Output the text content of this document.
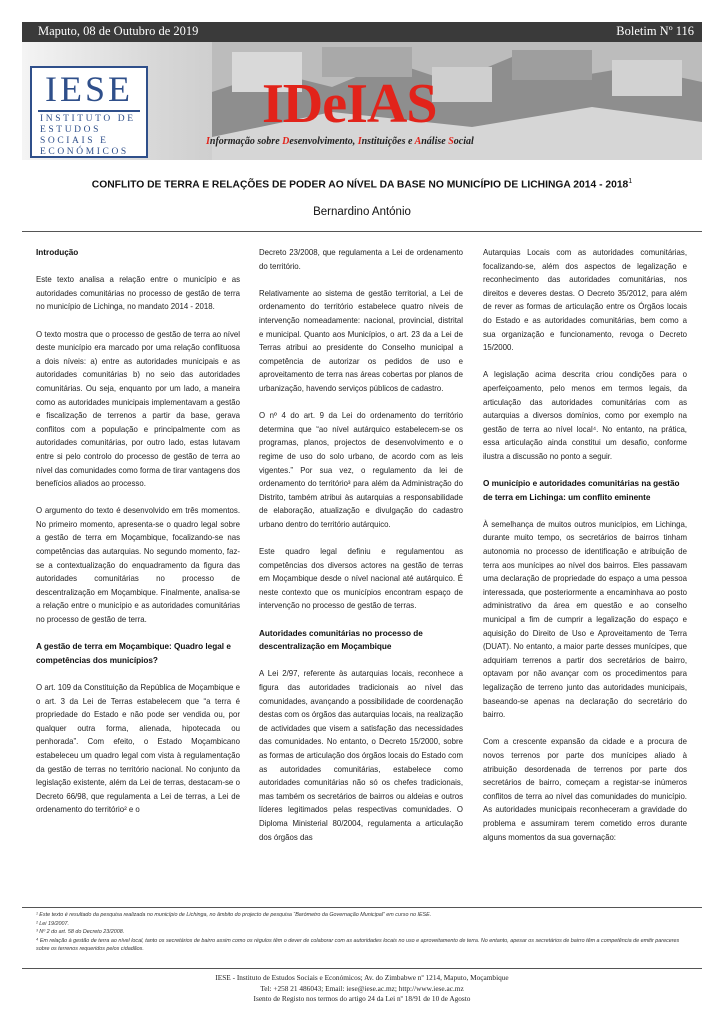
Maputo, 08 de Outubro de 2019	Boletim Nº 116
IESE
INSTITUTO DE ESTUDOS SOCIAIS E ECONÓMICOS
IDeIAS
Informação sobre Desenvolvimento, Instituições e Análise Social
CONFLITO DE TERRA E RELAÇÕES DE PODER AO NÍVEL DA BASE NO MUNICÍPIO DE LICHINGA 2014 - 2018$^1$
Bernardino António
Introdução

Este texto analisa a relação entre o município e as autoridades comunitárias no processo de gestão de terra no município de Lichinga, no mandato 2014 - 2018.

O texto mostra que o processo de gestão de terra ao nível deste município era marcado por uma relação conflituosa a dois níveis: a) entre as autoridades municipais e as autoridades comunitárias b) no seio das autoridades comunitárias. Ou seja, enquanto por um lado, a maneira como as autoridades municipais implementavam a gestão e fiscalização de terrenos a partir da base, gerava conflitos com a população e principalmente com as autoridades comunitárias, por outro lado, estas lutavam entre si pelo controlo do processo de gestão de terra ao nível das comunidades como forma de tirar vantagens dos benefícios aliados ao processo.

O argumento do texto é desenvolvido em três momentos. No primeiro momento, apresenta-se o quadro legal sobre a gestão de terra em Moçambique, focalizando-se nas competências das autarquias. No segundo momento, faz-se a contextualização do enquadramento da figura das autoridades comunitárias no processo de descentralização em Moçambique. Finalmente, analisa-se a relação entre o município e as autoridades comunitárias no processo de gestão de terra.

A gestão de terra em Moçambique: Quadro legal e competências dos municípios?

O art. 109 da Constituição da República de Moçambique e o art. 3 da Lei de Terras estabelecem que “a terra é propriedade do Estado e não pode ser vendida ou, por qualquer outra forma, alienada, hipotecada ou penhorada”. Com efeito, o Estado Moçambicano estabeleceu um quadro legal com vista à regulamentação da gestão de terras no território nacional. No conjunto da legislação existente, além da Lei de terras, destacam-se o Decreto 66/98, que regulamenta a Lei de terras, a Lei de ordenamento do território² e o

Decreto 23/2008, que regulamenta a Lei de ordenamento do território.

Relativamente ao sistema de gestão territorial, a Lei de ordenamento do território estabelece quatro níveis de intervenção nomeadamente: nacional, provincial, distrital e municipal. Quanto aos Municípios, o art. 23 da a Lei de Terras atribui ao presidente do Conselho municipal a competência de autorizar os pedidos de uso e aproveitamento de terra nas áreas cobertas por planos de urbanização, havendo serviços públicos de cadastro.

O nº 4 do art. 9 da Lei do ordenamento do território determina que “ao nível autárquico estabelecem-se os programas, planos, projectos de desenvolvimento e o regime de uso do solo urbano, de acordo com as leis vigentes.” Por sua vez, o regulamento da lei de ordenamento do território³ para além da Administração do Distrito, também atribui às autarquias a responsabilidade de elaboração, atualização e divulgação do cadastro urbano dentro do território autárquico.

Este quadro legal definiu e regulamentou as competências dos diversos actores na gestão de terras em Moçambique desde o nível nacional até autárquico. É neste contexto que os municípios encontram espaço de intervenção no processo de gestão de terras.

Autoridades comunitárias no processo de descentralização em Moçambique

A Lei 2/97, referente às autarquias locais, reconhece a figura das autoridades tradicionais ao nível das comunidades, avançando a possibilidade de coordenação destas com os órgãos das autarquias locais, na realização de actividades que visem a satisfação das necessidades das comunidades. No entanto, o Decreto 15/2000, sobre as formas de articulação dos órgãos locais do Estado com as autoridades comunitárias, estabelece como autoridades comunitárias não só os chefes tradicionais, mas também os secretários de bairros ou aldeias e outros líderes legitimados pelas respectivas comunidades. O Diploma Ministerial 80/2004, regulamenta a articulação dos órgãos das

Autarquias Locais com as autoridades comunitárias, focalizando-se, além dos aspectos de legalização e reconhecimento das autoridades comunitárias, nos direitos e deveres destas. O Decreto 35/2012, para além de rever as formas de articulação entre os Órgãos locais do Estado e as autoridades comunitárias, bem como a sua organização e funcionamento, revoga o Decreto 15/2000.

A legislação acima descrita criou condições para o aperfeiçoamento, pelo menos em termos legais, da articulação das autoridades comunitárias com as autarquias a diversos domínios, como por exemplo na gestão de terra ao nível local⁴. No entanto, na prática, essa articulação ainda constitui um desafio, conforme ilustra a discussão no ponto a seguir.

O município e autoridades comunitárias na gestão de terra em Lichinga: um conflito eminente

À semelhança de muitos outros municípios, em Lichinga, durante muito tempo, os secretários de bairros tinham autonomia no processo de identificação e atribuição de terra aos munícipes ao nível dos bairros. Eles passavam uma declaração de propriedade do espaço a uma pessoa interessada, que posteriormente a encaminhava ao posto administrativo da área em questão e ao conselho municipal a fim de cumprir a legalização do espaço e aquisição do Direito de Uso e Aproveitamento de Terra (DUAT). No entanto, a maior parte desses munícipes, que adquiriam terrenos a partir dos secretários de bairro, optavam por não avançar com os procedimentos para legalização de terreno junto das autoridades municipais, baseando-se apenas na declaração do secretário do bairro.

Com a crescente expansão da cidade e a procura de novos terrenos por parte dos munícipes aliado à atribuição desordenada de terrenos por parte dos secretários de bairro, começam a registar-se inúmeros conflitos de terra ao nível das comunidades do município. As autoridades municipais reconheceram a gravidade do problema e assumiram terem cometido erros durante alguns momentos da sua governação:

¹ Este texto é resultado da pesquisa realizada no município de Lichinga, no âmbito do projecto de pesquisa “Barómetro da Governação Municipal” em curso no IESE.
² Lei 19/2007.
³ Nº 2 do art. 58 do Decreto 23/2008.
⁴ Em relação à gestão de terra ao nível local, tanto os secretários de bairro assim como os régulos têm o dever de colaborar com as autoridades locais no uso e aproveitamento de terra. No entanto, apesar os secretários de bairro têm a competência de emitir pareceres sobre os terrenos requeridos pelos cidadãos.
IESE - Instituto de Estudos Sociais e Económicos; Av. do Zimbabwe nº 1214, Maputo, Moçambique
Tel: +258 21 486043; Email: iese@iese.ac.mz; http://www.iese.ac.mz
Isento de Registo nos termos do artigo 24 da Lei nº 18/91 de 10 de Agosto
